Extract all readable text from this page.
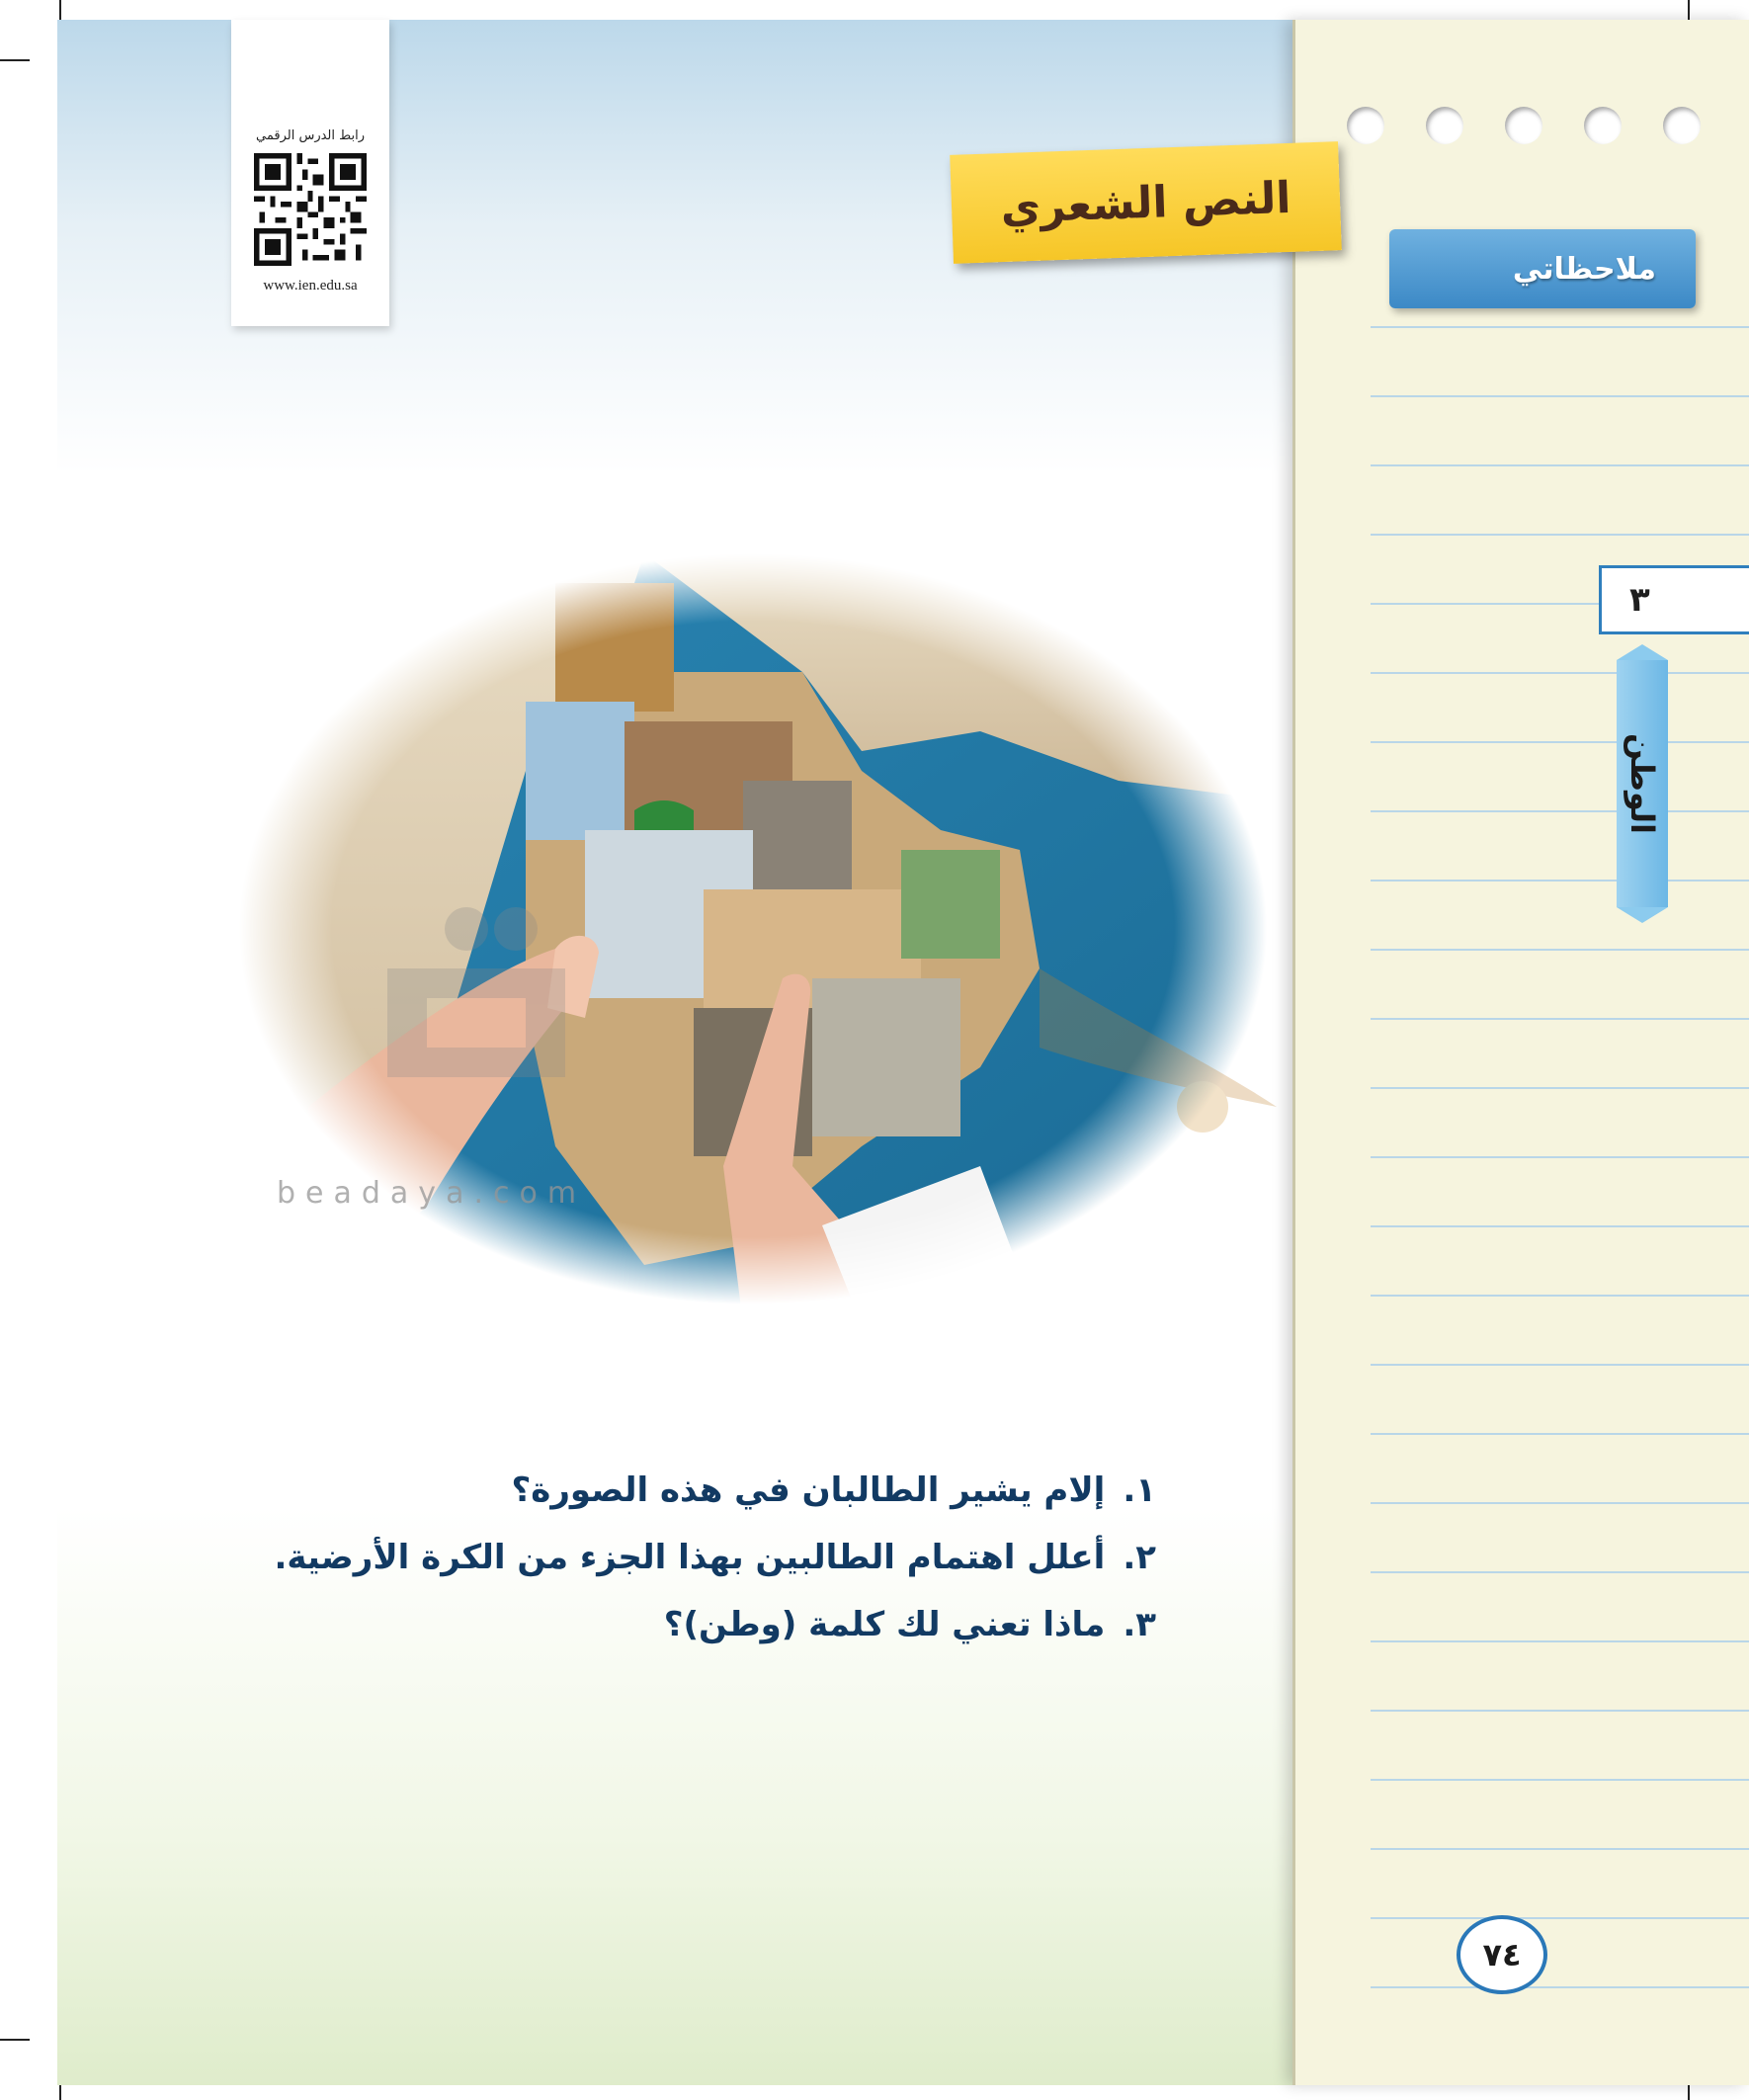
ملاحظاتي
٣
الوطن
٧٤
رابط الدرس الرقمي
www.ien.edu.sa
النص الشعري
beadaya.com
١.
إلام يشير الطالبان في هذه الصورة؟
٢.
أعلل اهتمام الطالبين بهذا الجزء من الكرة الأرضية.
٣.
ماذا تعني لك كلمة (وطن)؟
